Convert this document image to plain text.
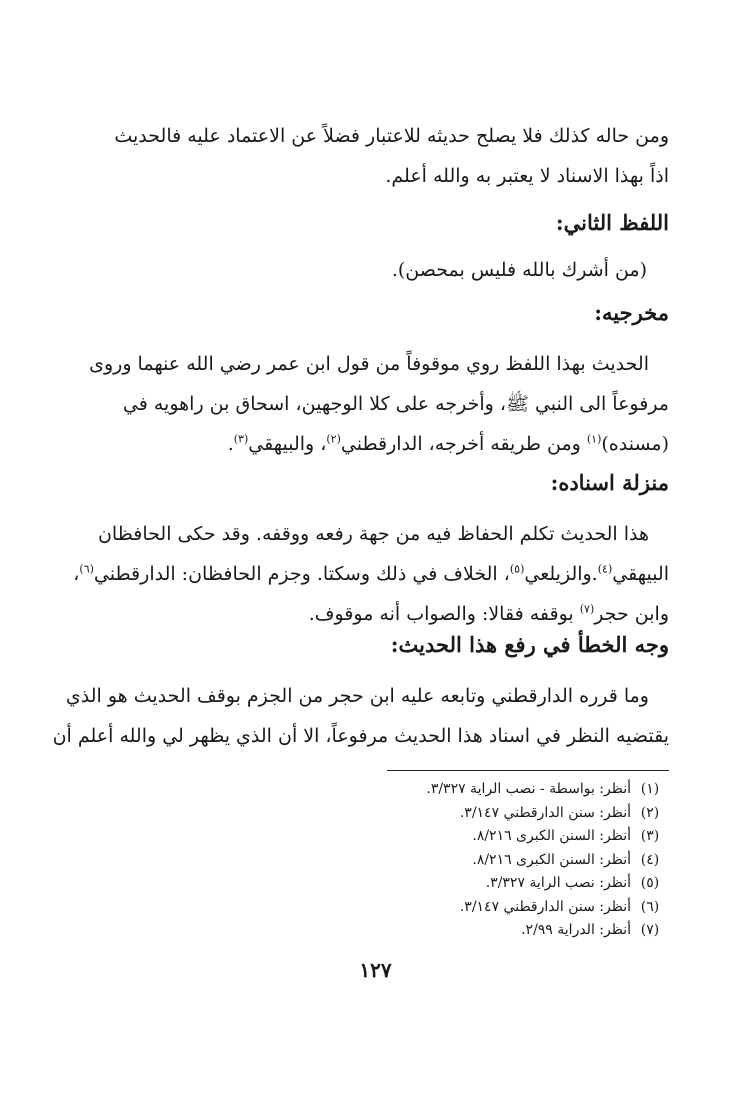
ومن حاله كذلك فلا يصلح حديثه للاعتبار فضلاً عن الاعتماد عليه فالحديث
اذاً بهذا الاسناد لا يعتبر به والله أعلم.
اللفظ الثاني:
(من أشرك بالله فليس بمحصن).
مخرجيه:
الحديث بهذا اللفظ روي موقوفاً من قول ابن عمر رضي الله عنهما وروى
مرفوعاً الى النبي ﷺ، وأخرجه على كلا الوجهين، اسحاق بن راهويه في
(مسنده)$^{(١)}$ ومن طريقه أخرجه، الدارقطني$^{(٢)}$، والبيهقي$^{(٣)}$.
منزلة اسناده:
هذا الحديث تكلم الحفاظ فيه من جهة رفعه ووقفه. وقد حكى الحافظان
البيهقي$^{(٤)}$.والزيلعي$^{(٥)}$، الخلاف في ذلك وسكتا. وجزم الحافظان: الدارقطني$^{(٦)}$،
وابن حجر$^{(٧)}$ بوقفه فقالا: والصواب أنه موقوف.
وجه الخطأ في رفع هذا الحديث:
وما قرره الدارقطني وتابعه عليه ابن حجر من الجزم بوقف الحديث هو الذي
يقتضيه النظر في اسناد هذا الحديث مرفوعاً، الا أن الذي يظهر لي والله أعلم أن
(١)
أنظر: بواسطة - نصب الراية ٣/٣٢٧.
(٢)
أنظر: سنن الدارقطني ٣/١٤٧.
(٣)
أنظر: السنن الكبرى ٨/٢١٦.
(٤)
أنظر: السنن الكبرى ٨/٢١٦.
(٥)
أنظر: نصب الراية ٣/٣٢٧.
(٦)
أنظر: سنن الدارقطني ٣/١٤٧.
(٧)
أنظر: الدراية ٢/٩٩.
١٢٧
